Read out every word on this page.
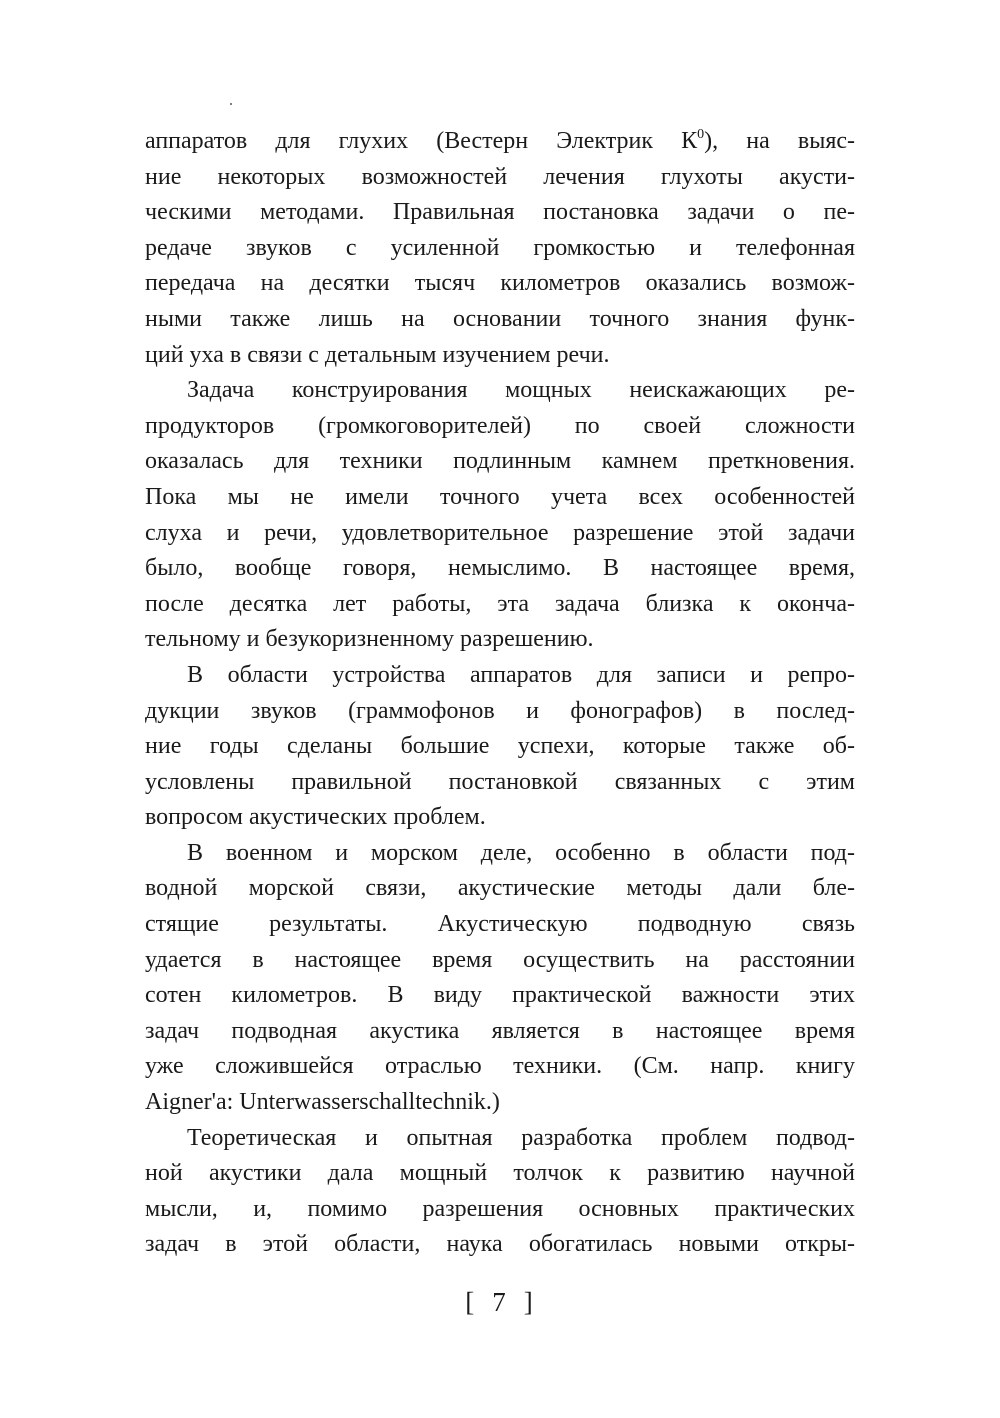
аппаратов для глухих (Вестерн Электрик $К^0$), на выяс-
ние некоторых возможностей лечения глухоты акусти-
ческими методами. Правильная постановка задачи о пе-
редаче звуков с усиленной громкостью и телефонная
передача на десятки тысяч километров оказались возмож-
ными также лишь на основании точного знания функ-
ций уха в связи с детальным изучением речи.
Задача конструирования мощных неискажающих ре-
продукторов (громкоговорителей) по своей сложности
оказалась для техники подлинным камнем преткновения.
Пока мы не имели точного учета всех особенностей
слуха и речи, удовлетворительное разрешение этой задачи
было, вообще говоря, немыслимо. В настоящее время,
после десятка лет работы, эта задача близка к оконча-
тельному и безукоризненному разрешению.
В области устройства аппаратов для записи и репро-
дукции звуков (граммофонов и фонографов) в послед-
ние годы сделаны большие успехи, которые также об-
условлены правильной постановкой связанных с этим
вопросом акустических проблем.
В военном и морском деле, особенно в области под-
водной морской связи, акустические методы дали бле-
стящие результаты. Акустическую подводную связь
удается в настоящее время осуществить на расстоянии
сотен километров. В виду практической важности этих
задач подводная акустика является в настоящее время
уже сложившейся отраслью техники. (См. напр. книгу
Aigner'a: Unterwasserschalltechnik.)
Теоретическая и опытная разработка проблем подвод-
ной акустики дала мощный толчок к развитию научной
мысли, и, помимо разрешения основных практических
задач в этой области, наука обогатилась новыми откры-
[ 7 ]
